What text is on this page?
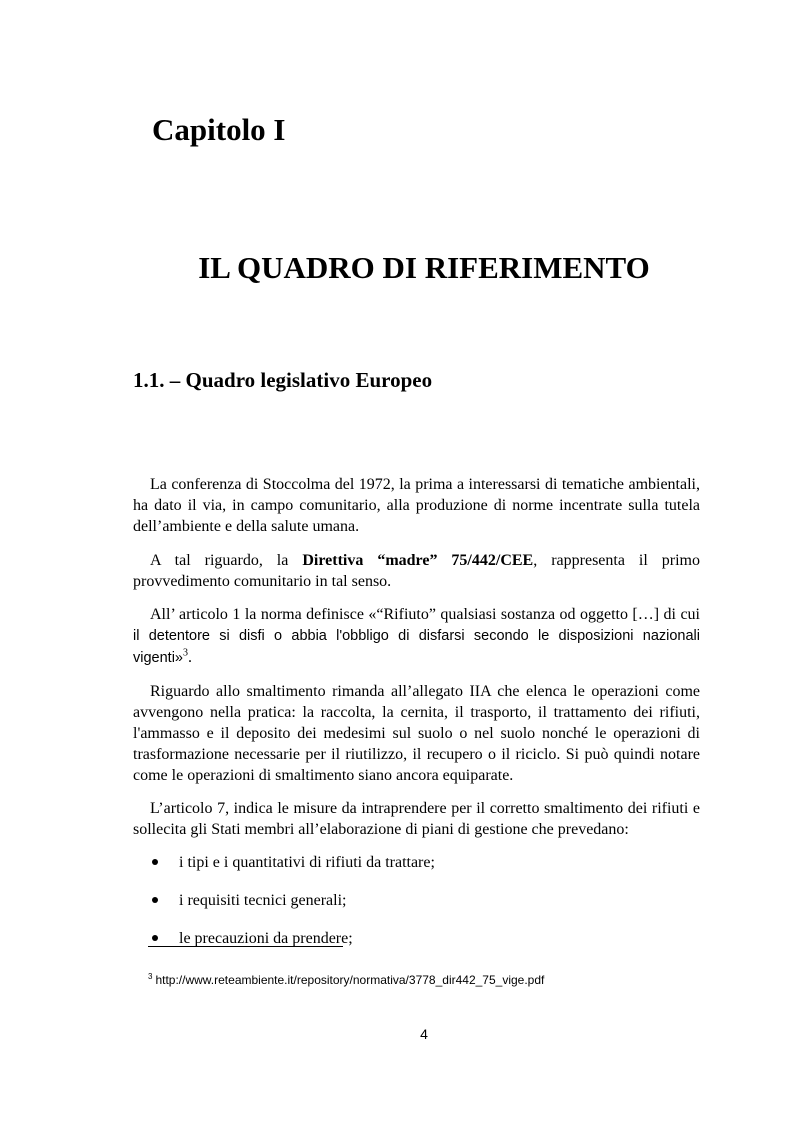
Capitolo I
IL QUADRO DI RIFERIMENTO
1.1. – Quadro legislativo Europeo

La conferenza di Stoccolma del 1972, la prima a interessarsi di tematiche ambientali, ha dato il via, in campo comunitario, alla produzione di norme incentrate sulla tutela dell’ambiente e della salute umana.

A tal riguardo, la Direttiva “madre” 75/442/CEE, rappresenta il primo provvedimento comunitario in tal senso.

All’ articolo 1 la norma definisce «“Rifiuto” qualsiasi sostanza od oggetto […] di cui il detentore si disfi o abbia l'obbligo di disfarsi secondo le disposizioni nazionali vigenti»$^3$.

Riguardo allo smaltimento rimanda all’allegato IIA che elenca le operazioni come avvengono nella pratica: la raccolta, la cernita, il trasporto, il trattamento dei rifiuti, l'ammasso e il deposito dei medesimi sul suolo o nel suolo nonché le operazioni di trasformazione necessarie per il riutilizzo, il recupero o il riciclo. Si può quindi notare come le operazioni di smaltimento siano ancora equiparate.

L’articolo 7, indica le misure da intraprendere per il corretto smaltimento dei rifiuti e sollecita gli Stati membri all’elaborazione di piani di gestione che prevedano:

i tipi e i quantitativi di rifiuti da trattare;
i requisiti tecnici generali;
le precauzioni da prendere;
$^3$ http://www.reteambiente.it/repository/normativa/3778_dir442_75_vige.pdf
4
